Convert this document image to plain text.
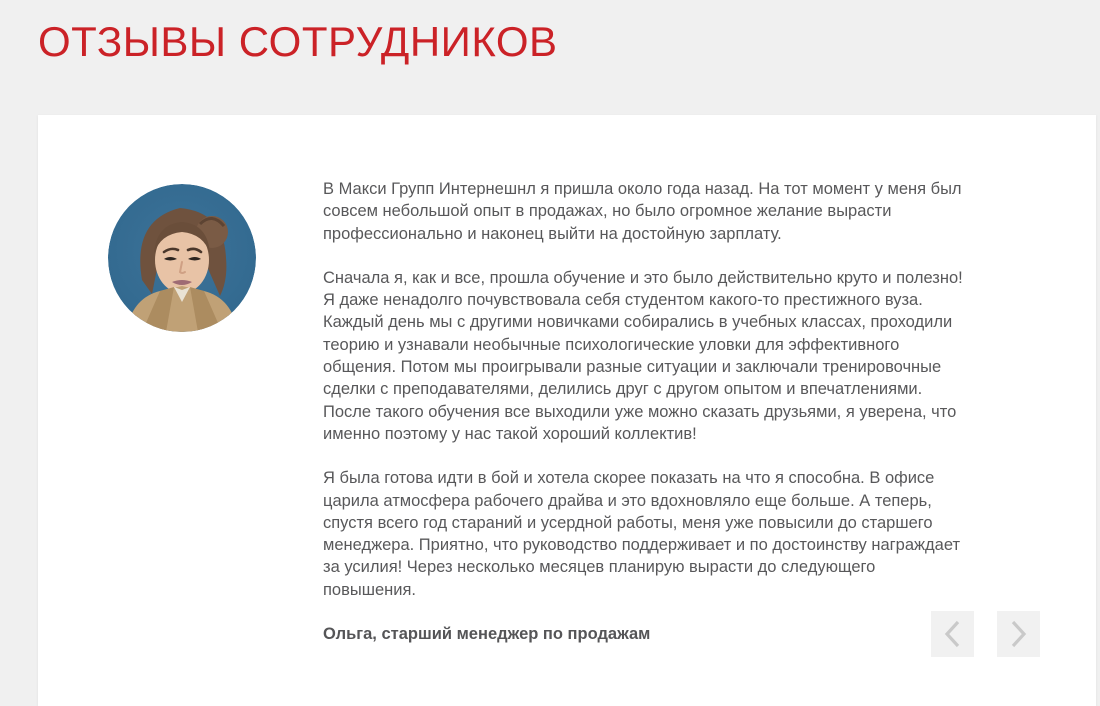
ОТЗЫВЫ СОТРУДНИКОВ

В Макси Групп Интернешнл я пришла около года назад. На тот момент у меня был совсем небольшой опыт в продажах, но было огромное желание вырасти профессионально и наконец выйти на достойную зарплату.

Сначала я, как и все, прошла обучение и это было действительно круто и полезно! Я даже ненадолго почувствовала себя студентом какого-то престижного вуза. Каждый день мы с другими новичками собирались в учебных классах, проходили теорию и узнавали необычные психологические уловки для эффективного общения. Потом мы проигрывали разные ситуации и заключали тренировочные сделки с преподавателями, делились друг с другом опытом и впечатлениями. После такого обучения все выходили уже можно сказать друзьями, я уверена, что именно поэтому у нас такой хороший коллектив!

Я была готова идти в бой и хотела скорее показать на что я способна. В офисе царила атмосфера рабочего драйва и это вдохновляло еще больше. А теперь, спустя всего год стараний и усердной работы, меня уже повысили до старшего менеджера. Приятно, что руководство поддерживает и по достоинству награждает за усилия! Через несколько месяцев планирую вырасти до следующего повышения.

Ольга, старший менеджер по продажам
